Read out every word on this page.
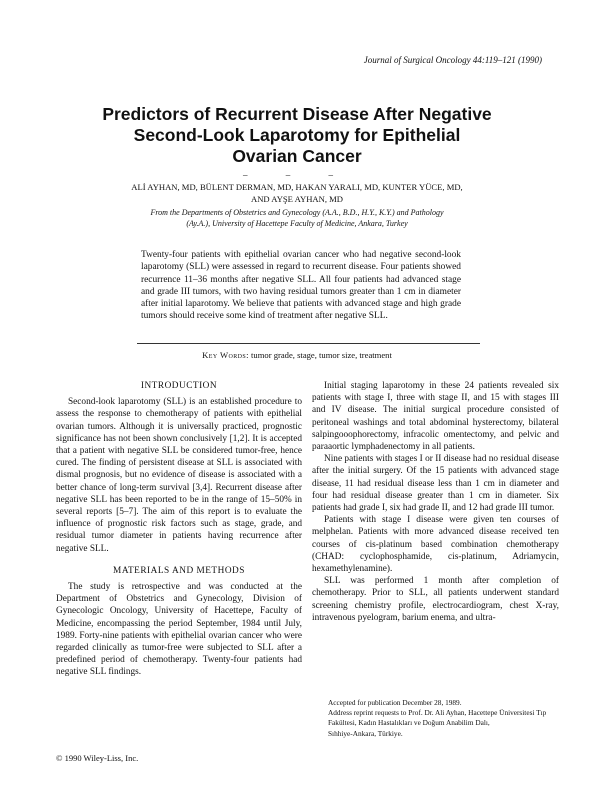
Journal of Surgical Oncology 44:119–121 (1990)
Predictors of Recurrent Disease After Negative
Second-Look Laparotomy for Epithelial
Ovarian Cancer
– – –
ALİ AYHAN, MD, BÜLENT DERMAN, MD, HAKAN YARALI, MD, KUNTER YÜCE, MD,
AND AYŞE AYHAN, MD
From the Departments of Obstetrics and Gynecology (A.A., B.D., H.Y., K.Y.) and Pathology
(Ay.A.), University of Hacettepe Faculty of Medicine, Ankara, Turkey
Twenty-four patients with epithelial ovarian cancer who had negative second-look laparotomy (SLL) were assessed in regard to recurrent disease. Four patients showed recurrence 11–36 months after negative SLL. All four patients had advanced stage and grade III tumors, with two having residual tumors greater than 1 cm in diameter after initial laparotomy. We believe that patients with advanced stage and high grade tumors should receive some kind of treatment after negative SLL.
Key Words: tumor grade, stage, tumor size, treatment
INTRODUCTION

Second-look laparotomy (SLL) is an established procedure to assess the response to chemotherapy of patients with epithelial ovarian tumors. Although it is universally practiced, prognostic significance has not been shown conclusively [1,2]. It is accepted that a patient with negative SLL be considered tumor-free, hence cured. The finding of persistent disease at SLL is associated with dismal prognosis, but no evidence of disease is associated with a better chance of long-term survival [3,4]. Recurrent disease after negative SLL has been reported to be in the range of 15–50% in several reports [5–7]. The aim of this report is to evaluate the influence of prognostic risk factors such as stage, grade, and residual tumor diameter in patients having recurrence after negative SLL.

MATERIALS AND METHODS

The study is retrospective and was conducted at the Department of Obstetrics and Gynecology, Division of Gynecologic Oncology, University of Hacettepe, Faculty of Medicine, encompassing the period September, 1984 until July, 1989. Forty-nine patients with epithelial ovarian cancer who were regarded clinically as tumor-free were subjected to SLL after a predefined period of chemotherapy. Twenty-four patients had negative SLL findings.

Initial staging laparotomy in these 24 patients revealed six patients with stage I, three with stage II, and 15 with stages III and IV disease. The initial surgical procedure consisted of peritoneal washings and total abdominal hysterectomy, bilateral salpingooophorectomy, infracolic omentectomy, and pelvic and paraaortic lymphadenectomy in all patients.

Nine patients with stages I or II disease had no residual disease after the initial surgery. Of the 15 patients with advanced stage disease, 11 had residual disease less than 1 cm in diameter and four had residual disease greater than 1 cm in diameter. Six patients had grade I, six had grade II, and 12 had grade III tumor.

Patients with stage I disease were given ten courses of melphelan. Patients with more advanced disease received ten courses of cis-platinum based combination chemotherapy (CHAD: cyclophosphamide, cis-platinum, Adriamycin, hexamethylenamine).

SLL was performed 1 month after completion of chemotherapy. Prior to SLL, all patients underwent standard screening chemistry profile, electrocardiogram, chest X-ray, intravenous pyelogram, barium enema, and ultra-

Accepted for publication December 28, 1989.
Address reprint requests to Prof. Dr. Ali Ayhan, Hacettepe Üniversitesi Tıp Fakültesi, Kadın Hastalıkları ve Doğum Anabilim Dalı,
Sıhhiye-Ankara, Türkiye.
© 1990 Wiley-Liss, Inc.
